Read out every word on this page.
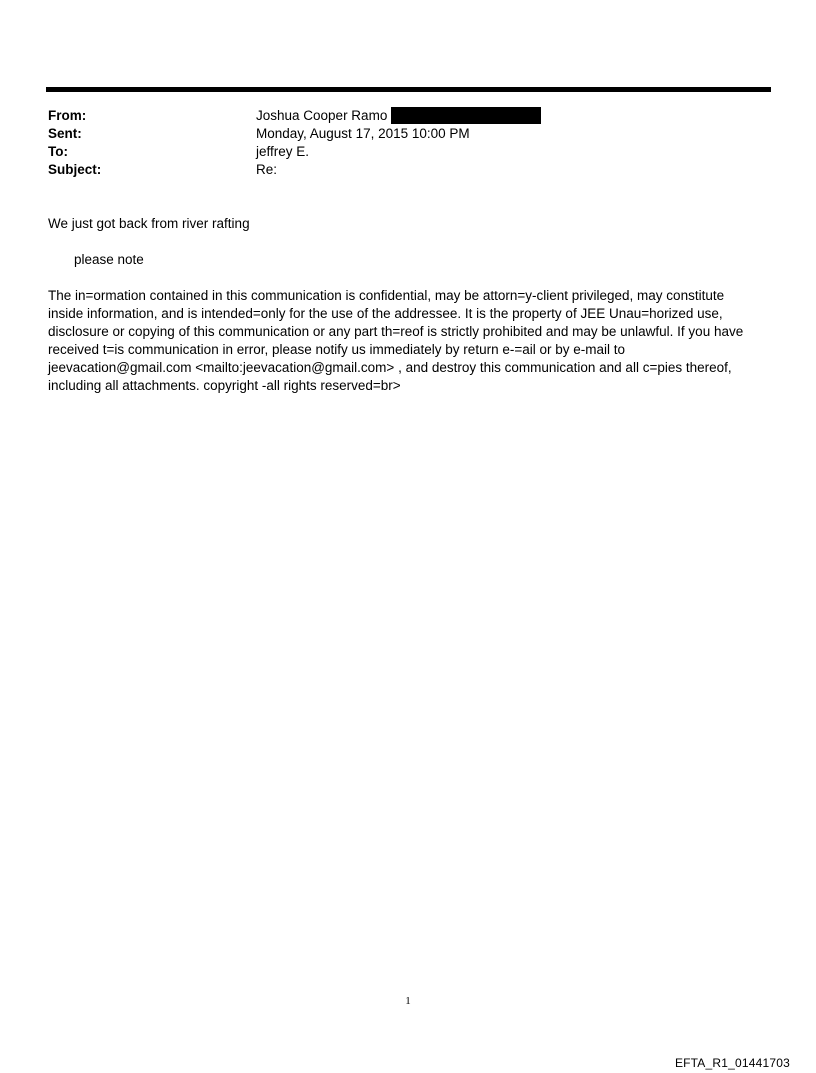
From:	Joshua Cooper Ramo
Sent:	Monday, August 17, 2015 10:00 PM
To:	jeffrey E.
Subject:	Re:
We just got back from river rafting
please note
The in=ormation contained in this communication is confidential, may be attorn=y-client privileged, may constitute
inside information, and is intended=only for the use of the addressee. It is the property of JEE Unau=horized use,
disclosure or copying of this communication or any part th=reof is strictly prohibited and may be unlawful. If you have
received t=is communication in error, please notify us immediately by return e-=ail or by e-mail to
jeevacation@gmail.com <mailto:jeevacation@gmail.com> , and destroy this communication and all c=pies thereof,
including all attachments. copyright -all rights reserved=br>
1
EFTA_R1_01441703
